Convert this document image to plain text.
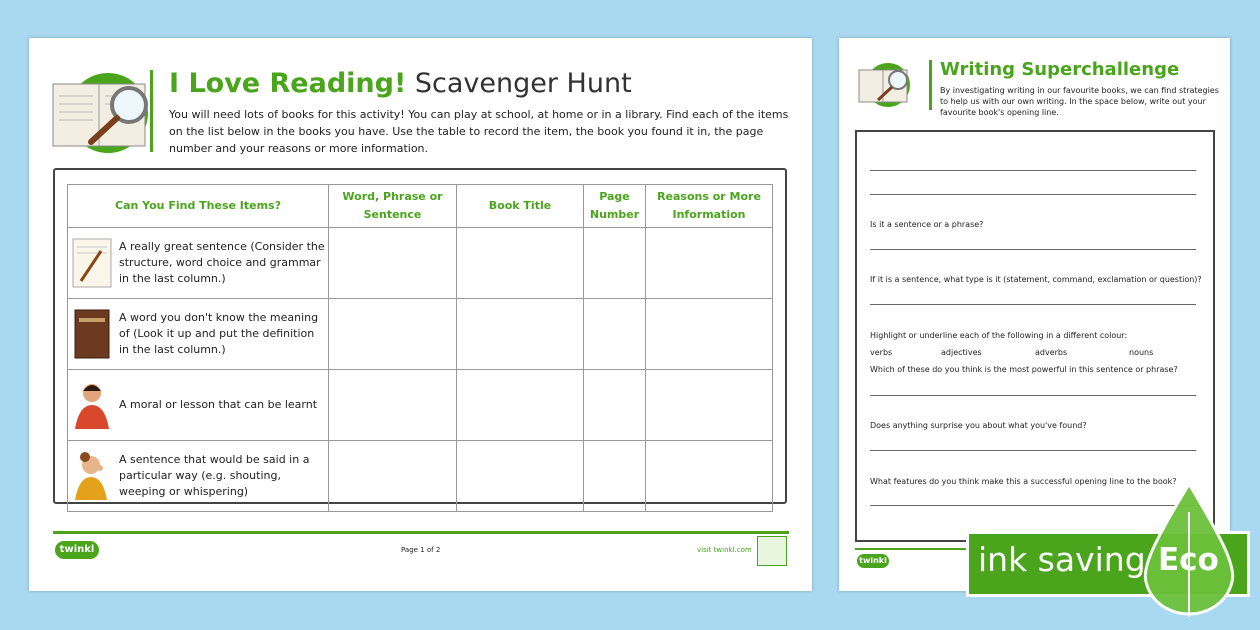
I Love Reading! Scavenger Hunt
You will need lots of books for this activity! You can play at school, at home or in a library. Find each of the items on the list below in the books you have. Use the table to record the item, the book you found it in, the page number and your reasons or more information.
Can You Find These Items?	Word, Phrase or Sentence	Book Title	Page Number	Reasons or More Information

A really great sentence (Consider the structure, word choice and grammar in the last column.)				

A word you don't know the meaning of (Look it up and put the definition in the last column.)				

A moral or lesson that can be learnt				

A sentence that would be said in a particular way (e.g. shouting, weeping or whispering)				

twinkl	Page 1 of 2	visit twinkl.com
Writing Superchallenge
By investigating writing in our favourite books, we can find strategies to help us with our own writing. In the space below, write out your favourite book's opening line.
Is it a sentence or a phrase?
If it is a sentence, what type is it (statement, command, exclamation or question)?
Highlight or underline each of the following in a different colour:
verbs	adjectives	adverbs	nouns
Which of these do you think is the most powerful in this sentence or phrase?
Does anything surprise you about what you've found?
What features do you think make this a successful opening line to the book?
twinkl	ink saving Eco
